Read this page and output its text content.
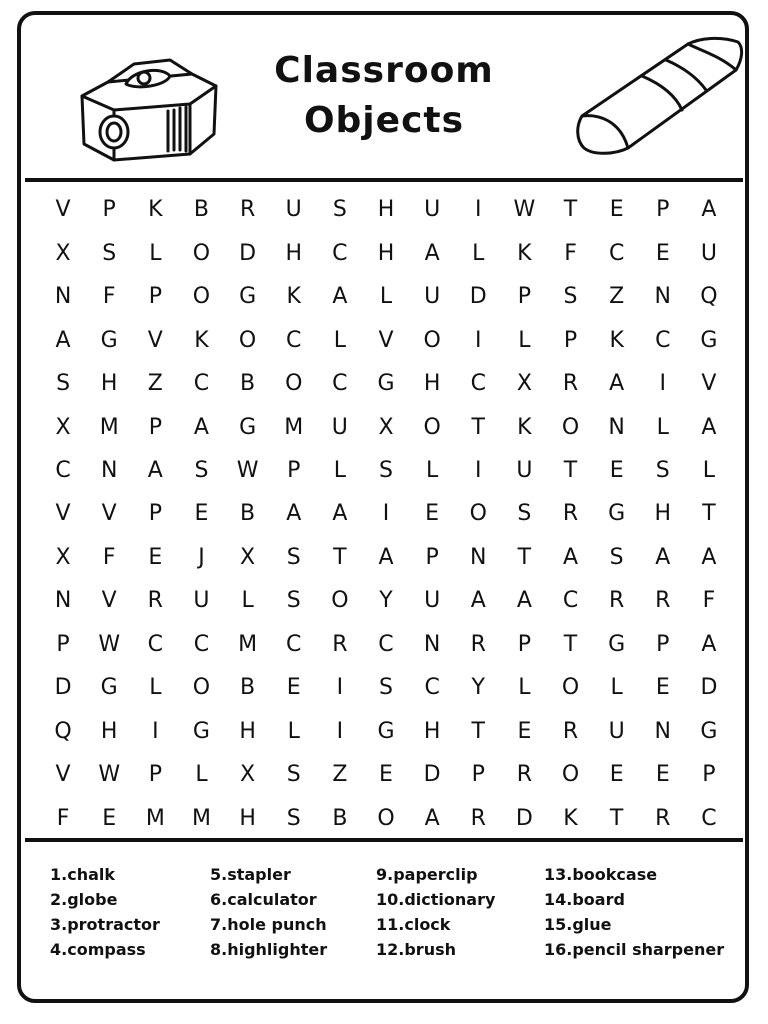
Classroom
Objects
V	P	K	B	R	U	S	H	U	I	W	T	E	P	A
X	S	L	O	D	H	C	H	A	L	K	F	C	E	U
N	F	P	O	G	K	A	L	U	D	P	S	Z	N	Q
A	G	V	K	O	C	L	V	O	I	L	P	K	C	G
S	H	Z	C	B	O	C	G	H	C	X	R	A	I	V
X	M	P	A	G	M	U	X	O	T	K	O	N	L	A
C	N	A	S	W	P	L	S	L	I	U	T	E	S	L
V	V	P	E	B	A	A	I	E	O	S	R	G	H	T
X	F	E	J	X	S	T	A	P	N	T	A	S	A	A
N	V	R	U	L	S	O	Y	U	A	A	C	R	R	F
P	W	C	C	M	C	R	C	N	R	P	T	G	P	A
D	G	L	O	B	E	I	S	C	Y	L	O	L	E	D
Q	H	I	G	H	L	I	G	H	T	E	R	U	N	G
V	W	P	L	X	S	Z	E	D	P	R	O	E	E	P
F	E	M	M	H	S	B	O	A	R	D	K	T	R	C
1.chalk
2.globe
3.protractor
4.compass
5.stapler
6.calculator
7.hole punch
8.highlighter
9.paperclip
10.dictionary
11.clock
12.brush
13.bookcase
14.board
15.glue
16.pencil sharpener
